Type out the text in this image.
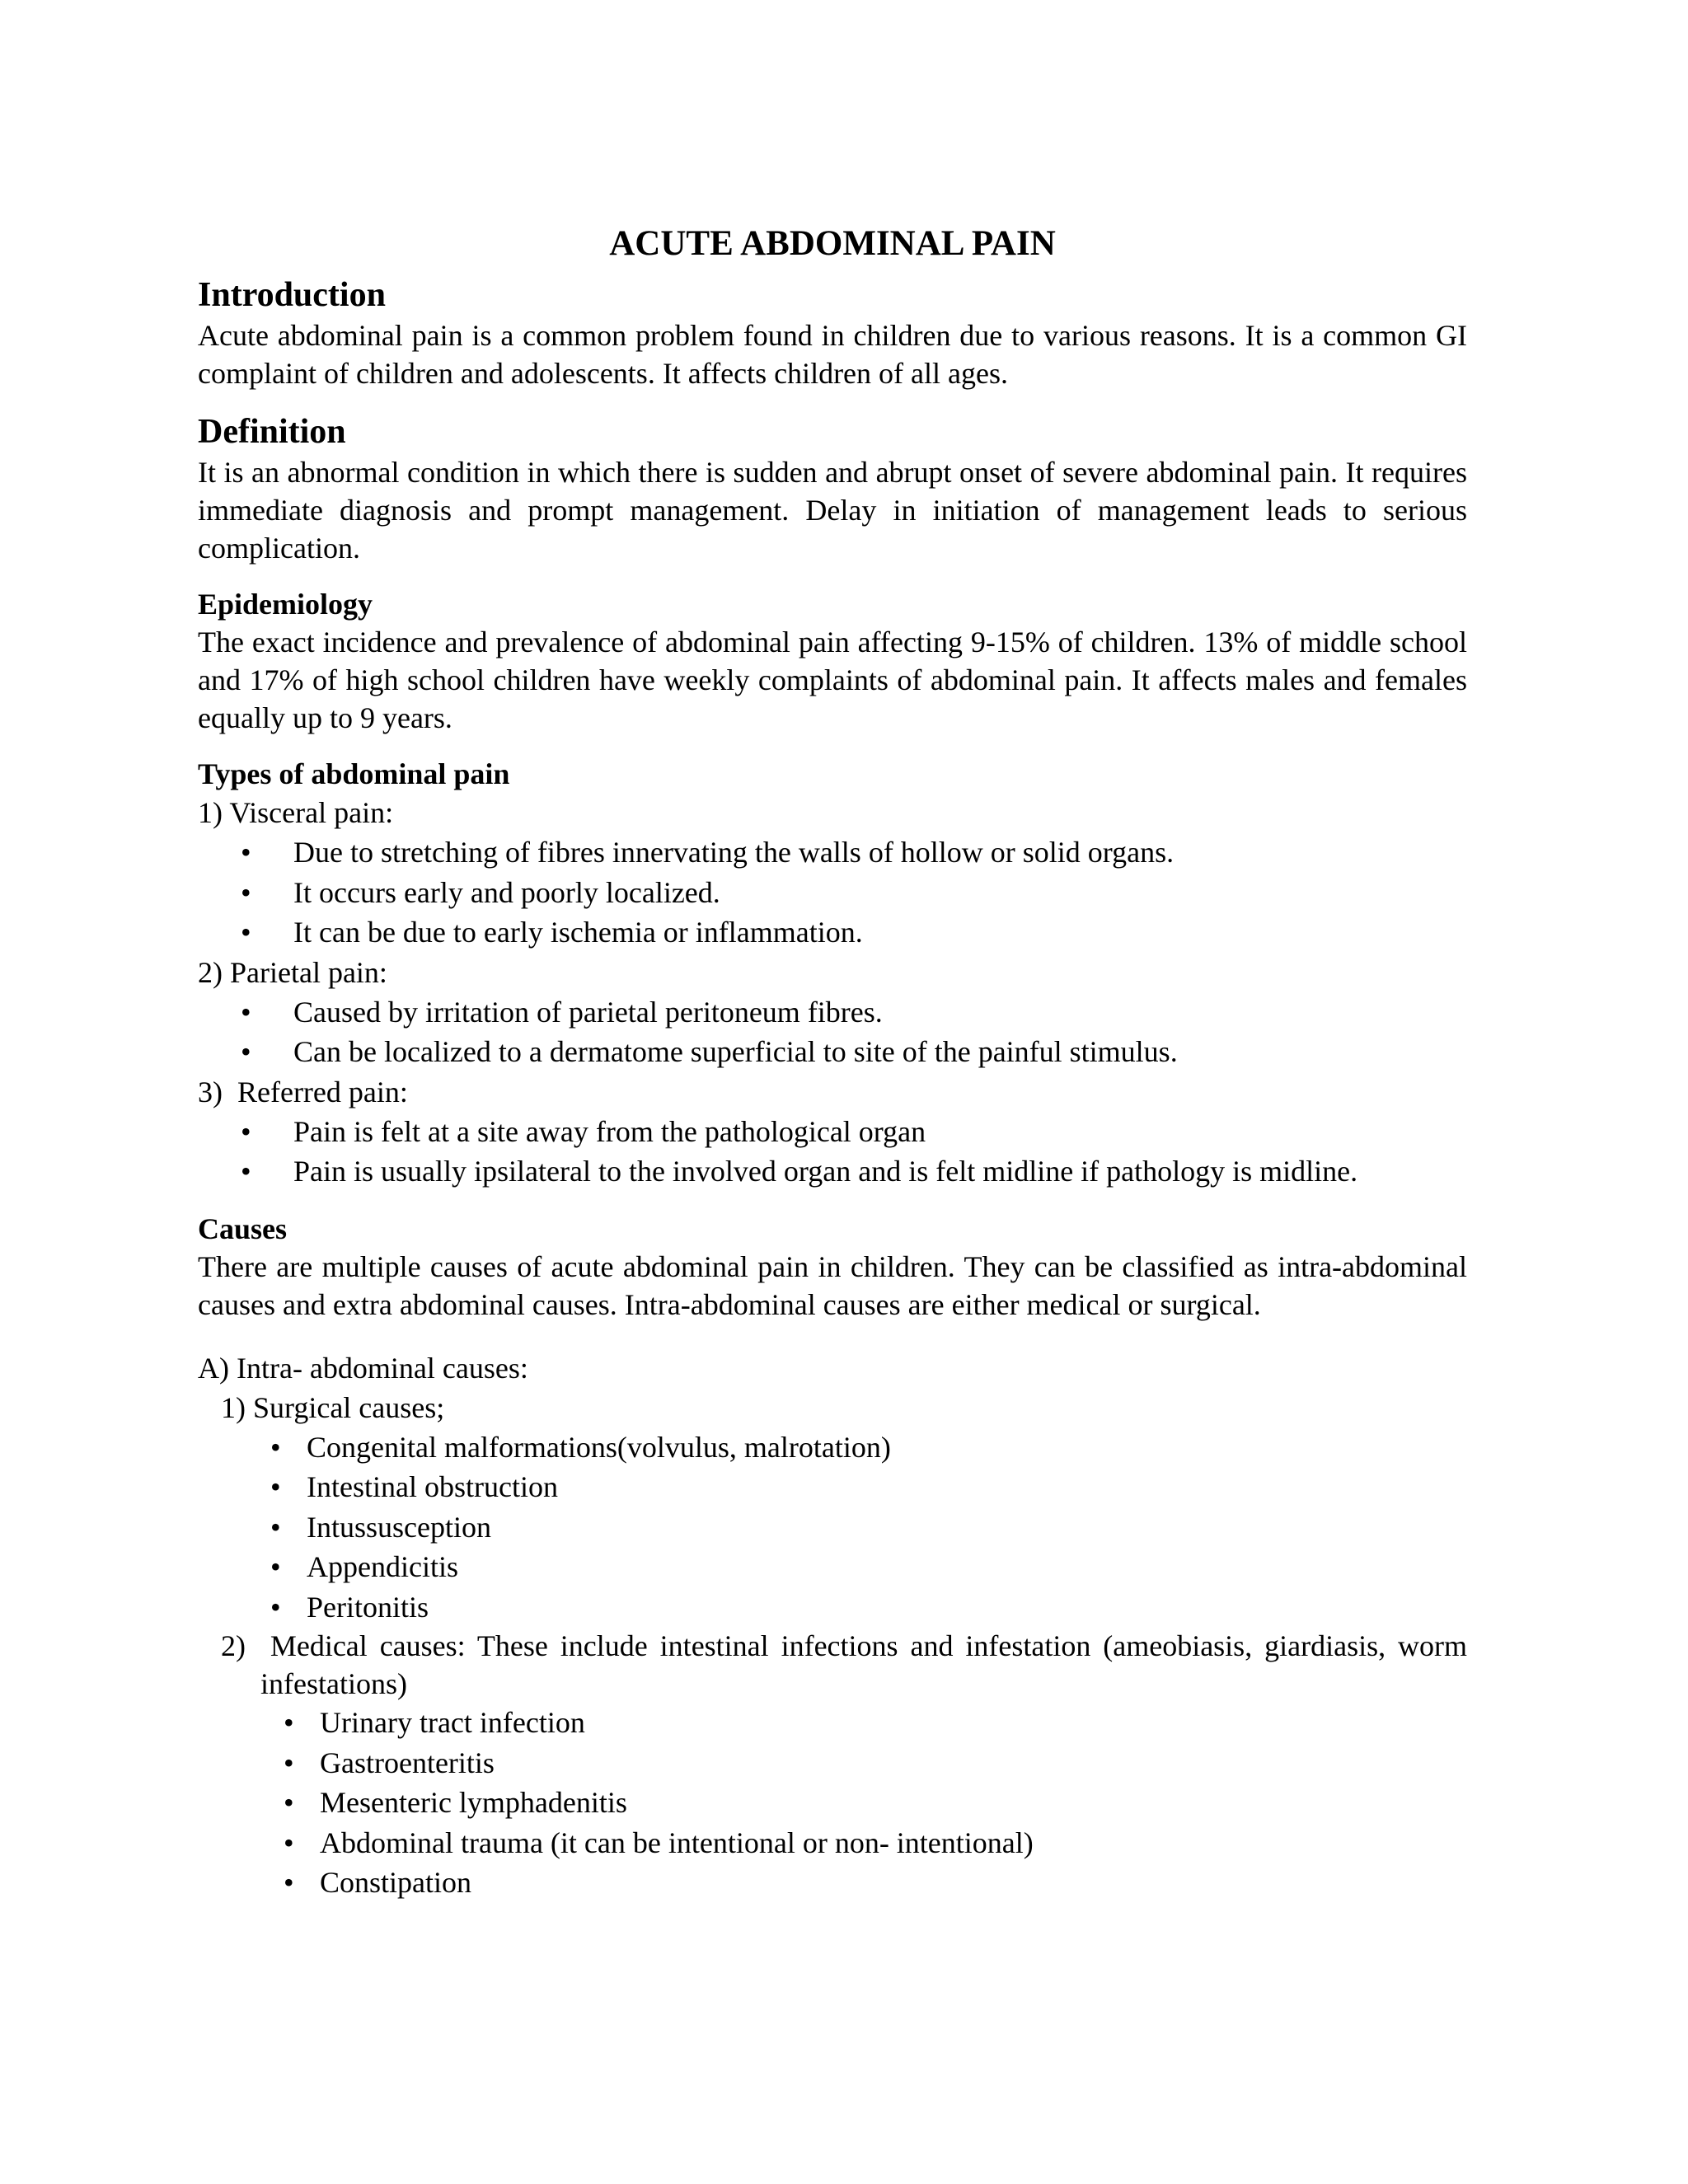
ACUTE ABDOMINAL PAIN
Introduction

Acute abdominal pain is a common problem found in children due to various reasons. It is a common GI complaint of children and adolescents. It affects children of all ages.

Definition

It is an abnormal condition in which there is sudden and abrupt onset of severe abdominal pain. It requires immediate diagnosis and prompt management. Delay in initiation of management leads to serious complication.

Epidemiology

The exact incidence and prevalence of abdominal pain affecting 9-15% of children. 13% of middle school and 17% of high school children have weekly complaints of abdominal pain. It affects males and females equally up to 9 years.

Types of abdominal pain
1) Visceral pain:
•	Due to stretching of fibres innervating the walls of hollow or solid organs.
•	It occurs early and poorly localized.
•	It can be due to early ischemia or inflammation.
2) Parietal pain:
•	Caused by irritation of parietal peritoneum fibres.
•	Can be localized to a dermatome superficial to site of the painful stimulus.
3)  Referred pain:
•	Pain is felt at a site away from the pathological organ
•	Pain is usually ipsilateral to the involved organ and is felt midline if pathology is midline.
Causes

There are multiple causes of acute abdominal pain in children. They can be classified as intra-abdominal causes and extra abdominal causes. Intra-abdominal causes are either medical or surgical.

A) Intra- abdominal causes:
1) Surgical causes;
• Congenital malformations(volvulus, malrotation)
• Intestinal obstruction
• Intussusception
• Appendicitis
• Peritonitis

2)  Medical causes: These include intestinal infections and infestation (ameobiasis, giardiasis, worm infestations)

• Urinary tract infection
• Gastroenteritis
• Mesenteric lymphadenitis
• Abdominal trauma (it can be intentional or non- intentional)
• Constipation
